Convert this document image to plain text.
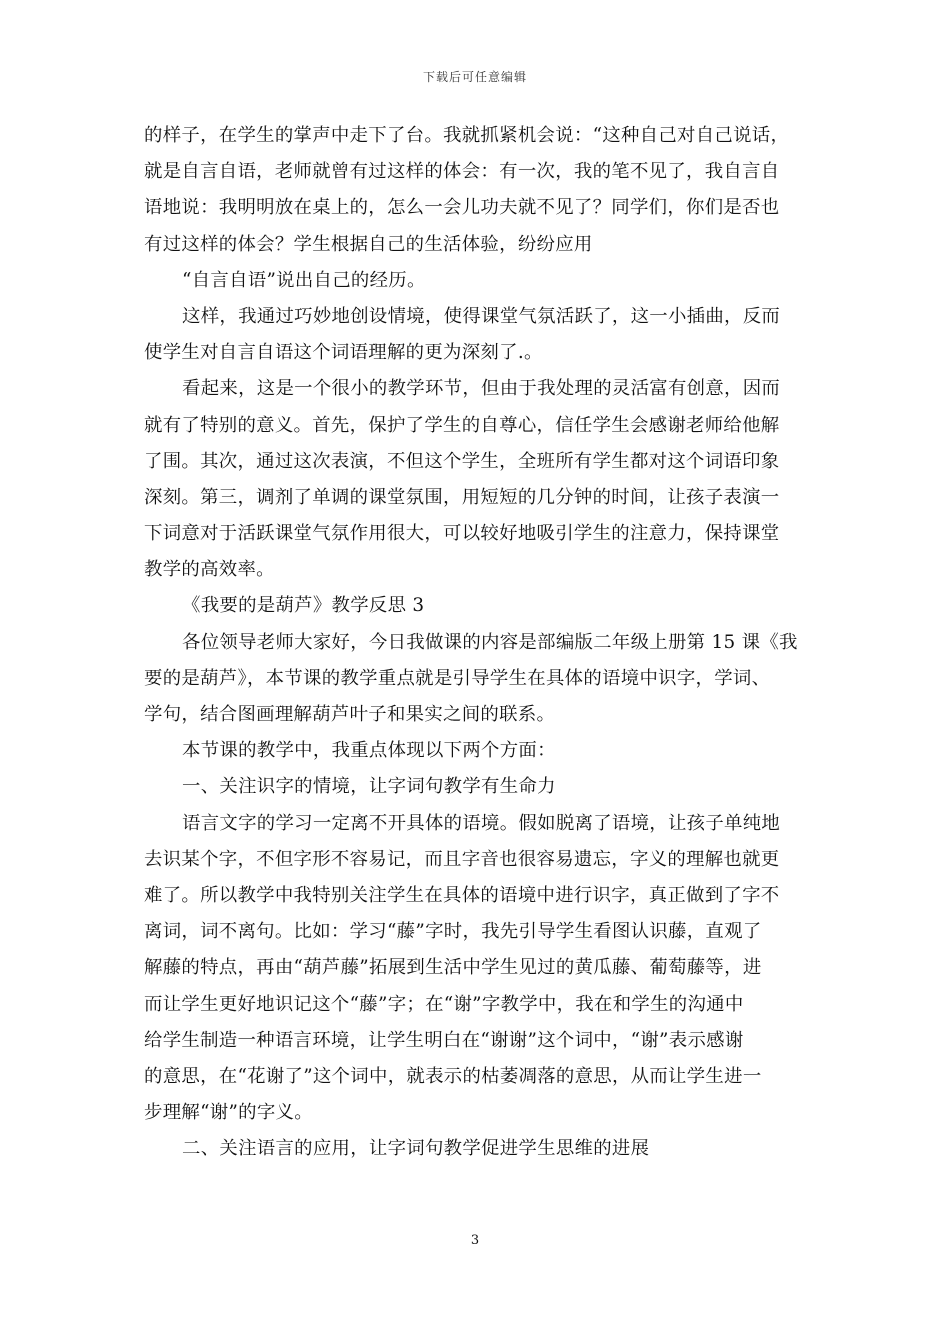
下载后可任意编辑
的样子，在学生的掌声中走下了台。我就抓紧机会说：“这种自己对自己说话，
就是自言自语，老师就曾有过这样的体会：有一次，我的笔不见了，我自言自
语地说：我明明放在桌上的，怎么一会儿功夫就不见了？同学们，你们是否也
有过这样的体会？学生根据自己的生活体验，纷纷应用
“自言自语”说出自己的经历。
这样，我通过巧妙地创设情境，使得课堂气氛活跃了，这一小插曲，反而
使学生对自言自语这个词语理解的更为深刻了.。
看起来，这是一个很小的教学环节，但由于我处理的灵活富有创意，因而
就有了特别的意义。首先，保护了学生的自尊心，信任学生会感谢老师给他解
了围。其次，通过这次表演，不但这个学生，全班所有学生都对这个词语印象
深刻。第三，调剂了单调的课堂氛围，用短短的几分钟的时间，让孩子表演一
下词意对于活跃课堂气氛作用很大，可以较好地吸引学生的注意力，保持课堂
教学的高效率。
《我要的是葫芦》教学反思 3
各位领导老师大家好，今日我做课的内容是部编版二年级上册第 15 课《我
要的是葫芦》，本节课的教学重点就是引导学生在具体的语境中识字，学词、
学句，结合图画理解葫芦叶子和果实之间的联系。
本节课的教学中，我重点体现以下两个方面：
一、关注识字的情境，让字词句教学有生命力
语言文字的学习一定离不开具体的语境。假如脱离了语境，让孩子单纯地
去识某个字，不但字形不容易记，而且字音也很容易遗忘，字义的理解也就更
难了。所以教学中我特别关注学生在具体的语境中进行识字，真正做到了字不
离词，词不离句。比如：学习“藤”字时，我先引导学生看图认识藤，直观了
解藤的特点，再由“葫芦藤”拓展到生活中学生见过的黄瓜藤、葡萄藤等，进
而让学生更好地识记这个“藤”字；在“谢”字教学中，我在和学生的沟通中
给学生制造一种语言环境，让学生明白在“谢谢”这个词中，“谢”表示感谢
的意思，在“花谢了”这个词中，就表示的枯萎凋落的意思，从而让学生进一
步理解“谢”的字义。
二、关注语言的应用，让字词句教学促进学生思维的进展
3
